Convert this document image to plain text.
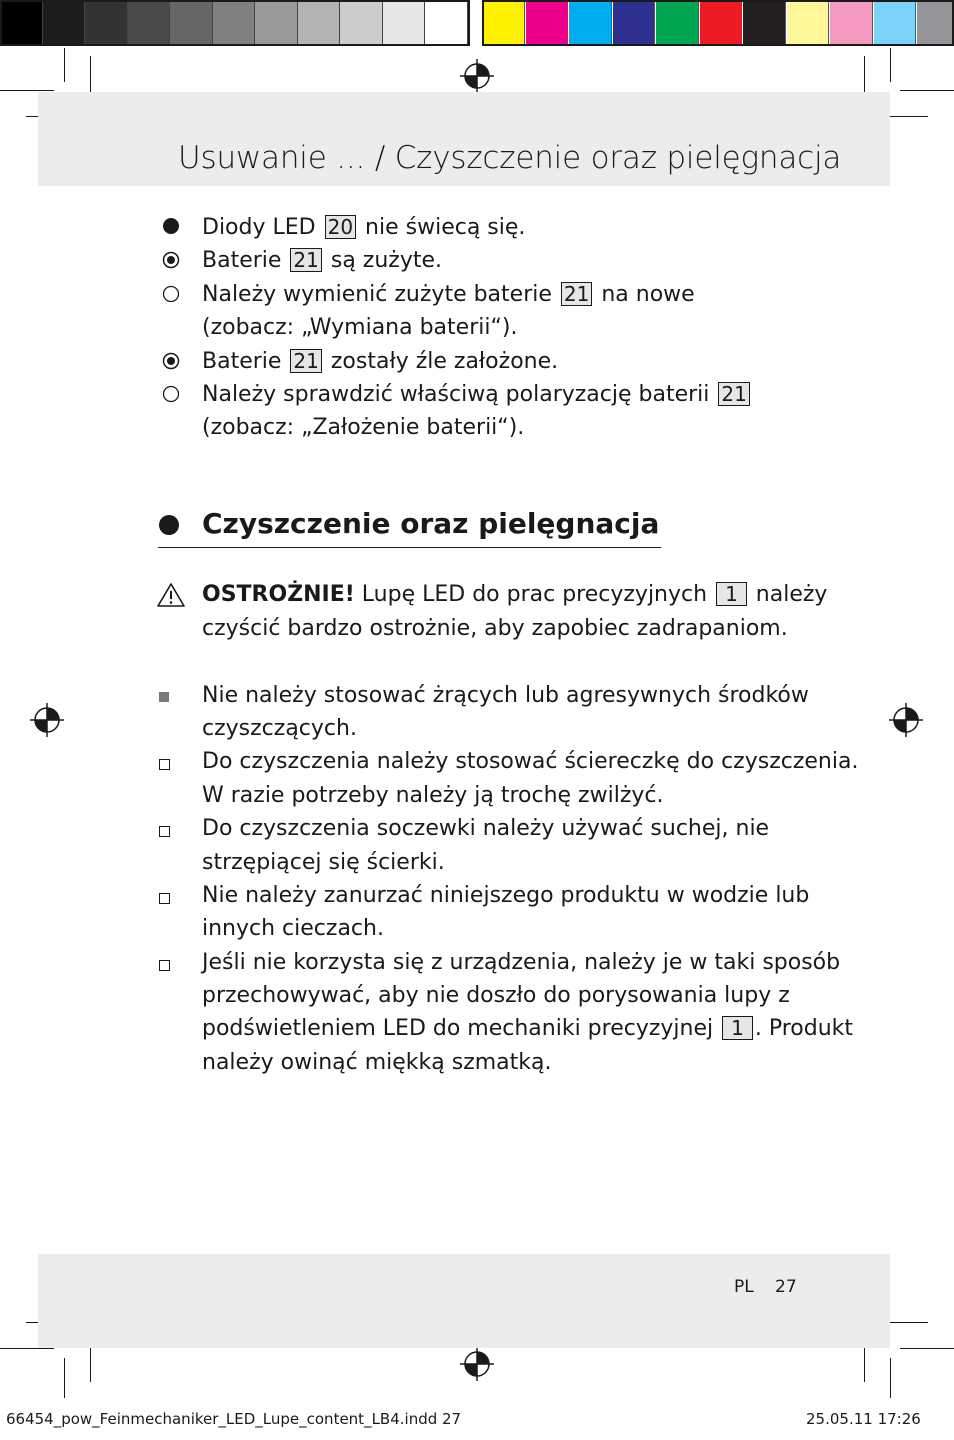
Usuwanie ... / Czyszczenie oraz pielęgnacja
Diody LED 20 nie świecą się.
Baterie 21 są zużyte.
Należy wymienić zużyte baterie 21 na nowe
(zobacz: „Wymiana baterii“).
Baterie 21 zostały źle założone.
Należy sprawdzić właściwą polaryzację baterii 21
(zobacz: „Założenie baterii“).
Czyszczenie oraz pielęgnacja
OSTROŻNIE! Lupę LED do prac precyzyjnych 1 należy
czyścić bardzo ostrożnie, aby zapobiec zadrapaniom.
Nie należy stosować żrących lub agresywnych środków
czyszczących.
Do czyszczenia należy stosować ściereczkę do czyszczenia.
W razie potrzeby należy ją trochę zwilżyć.
Do czyszczenia soczewki należy używać suchej, nie
strzępiącej się ścierki.
Nie należy zanurzać niniejszego produktu w wodzie lub
innych cieczach.
Jeśli nie korzysta się z urządzenia, należy je w taki sposób
przechowywać, aby nie doszło do porysowania lupy z
podświetleniem LED do mechaniki precyzyjnej 1 . Produkt
należy owinąć miękką szmatką.
PL 27
66454_pow_Feinmechaniker_LED_Lupe_content_LB4.indd 27	25.05.11 17:26
